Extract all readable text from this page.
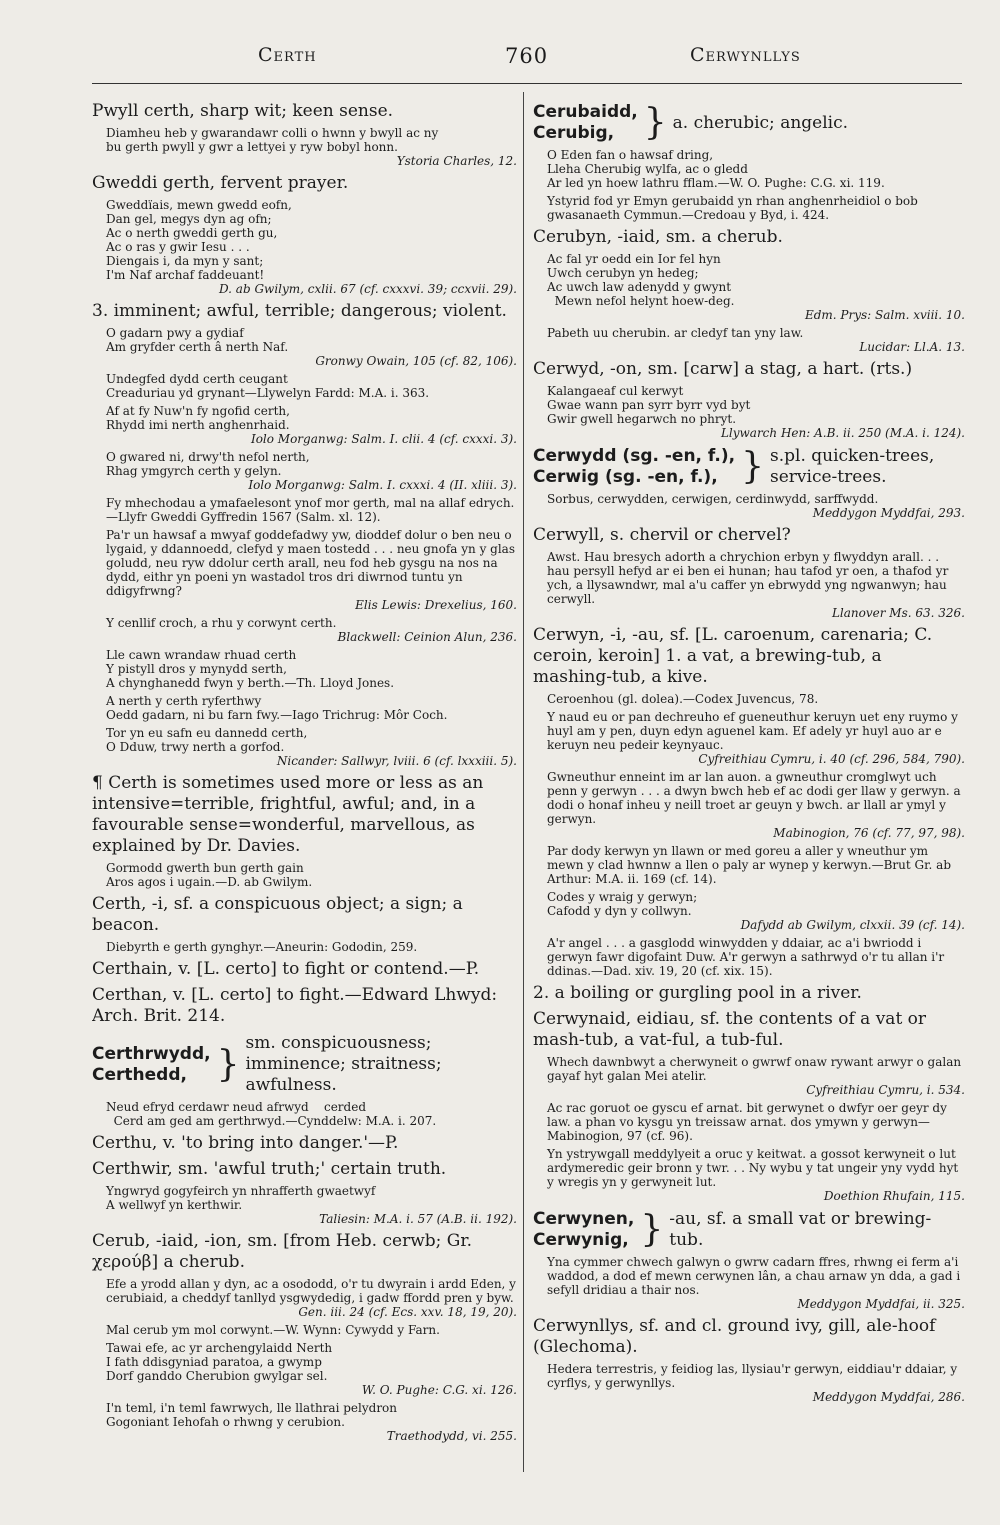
Certh	760	Cerwynllys
Pwyll certh, sharp wit; keen sense.
Diamheu heb y gwarandawr colli o hwnn y bwyll ac ny
bu gerth pwyll y gwr a lettyei y ryw bobyl honn.
Ystoria Charles, 12.
Gweddi gerth, fervent prayer.
Gweddïais, mewn gwedd eofn,
Dan gel, megys dyn ag ofn;
Ac o nerth gweddi gerth gu,
Ac o ras y gwir Iesu . . .
Diengais i, da myn y sant;
I'm Naf archaf faddeuant!
D. ab Gwilym, cxlii. 67 (cf. cxxxvi. 39; ccxvii. 29).
3. imminent; awful, terrible; dangerous; violent.
O gadarn pwy a gydiaf
Am gryfder certh â nerth Naf.
Gronwy Owain, 105 (cf. 82, 106).
Undegfed dydd certh ceugant
Creaduriau yd grynant—Llywelyn Fardd: M.A. i. 363.
Af at fy Nuw'n fy ngofid certh,
Rhydd imi nerth anghenrhaid.
Iolo Morganwg: Salm. I. clii. 4 (cf. cxxxi. 3).
O gwared ni, drwy'th nefol nerth,
Rhag ymgyrch certh y gelyn.
Iolo Morganwg: Salm. I. cxxxi. 4 (II. xliii. 3).
Fy mhechodau a ymafaelesont ynof mor gerth, mal na allaf edrych.—Llyfr Gweddi Gyffredin 1567 (Salm. xl. 12).
Pa'r un hawsaf a mwyaf goddefadwy yw, dioddef dolur o ben neu o lygaid, y ddannoedd, clefyd y maen tostedd . . . neu gnofa yn y glas goludd, neu ryw ddolur certh arall, neu fod heb gysgu na nos na dydd, eithr yn poeni yn wastadol tros dri diwrnod tuntu yn ddigyfrwng?
Elis Lewis: Drexelius, 160.
Y cenllif croch, a rhu y corwynt certh.
Blackwell: Ceinion Alun, 236.
Lle cawn wrandaw rhuad certh
Y pistyll dros y mynydd serth,
A chynghanedd fwyn y berth.—Th. Lloyd Jones.
A nerth y certh ryferthwy
Oedd gadarn, ni bu farn fwy.—Iago Trichrug: Môr Coch.
Tor yn eu safn eu dannedd certh,
O Dduw, trwy nerth a gorfod.
Nicander: Sallwyr, lviii. 6 (cf. lxxxiii. 5).
¶ Certh is sometimes used more or less as an intensive=terrible, frightful, awful; and, in a favourable sense=wonderful, marvellous, as explained by Dr. Davies.
Gormodd gwerth bun gerth gain
Aros agos i ugain.—D. ab Gwilym.
Certh, -i, sf. a conspicuous object; a sign; a beacon.
Diebyrth e gerth gynghyr.—Aneurin: Gododin, 259.
Certhain, v. [L. certo] to fight or contend.—P.
Certhan, v. [L. certo] to fight.—Edward Lhwyd: Arch. Brit. 214.
Certhrwydd,
Certhedd, }
sm. conspicuousness; imminence; straitness; awfulness.
Neud efryd cerdawr neud afrwyd    cerded
Cerd am ged am gerthrwyd.—Cynddelw: M.A. i. 207.
Certhu, v. 'to bring into danger.'—P.
Certhwir, sm. 'awful truth;' certain truth.
Yngwryd gogyfeirch yn nhrafferth gwaetwyf
A wellwyf yn kerthwir.
Taliesin: M.A. i. 57 (A.B. ii. 192).
Cerub, -iaid, -ion, sm. [from Heb. cerwb; Gr. χερούβ] a cherub.
Efe a yrodd allan y dyn, ac a osododd, o'r tu dwyrain i ardd Eden, y cerubiaid, a cheddyf tanllyd ysgwydedig, i gadw ffordd pren y byw.
Gen. iii. 24 (cf. Ecs. xxv. 18, 19, 20).
Mal cerub ym mol corwynt.—W. Wynn: Cywydd y Farn.
Tawai efe, ac yr archengylaidd Nerth
I fath ddisgyniad paratoa, a gwymp
Dorf ganddo Cherubion gwylgar sel.
W. O. Pughe: C.G. xi. 126.
I'n teml, i'n teml fawrwych, lle llathrai pelydron
Gogoniant Iehofah o rhwng y cerubion.
Traethodydd, vi. 255.
Cerubaidd,
Cerubig, } a. cherubic; angelic.
O Eden fan o hawsaf dring,
Lleha Cherubig wylfa, ac o gledd
Ar led yn hoew lathru fflam.—W. O. Pughe: C.G. xi. 119.
Ystyrid fod yr Emyn gerubaidd yn rhan anghenrheidiol o bob gwasanaeth Cymmun.—Credoau y Byd, i. 424.
Cerubyn, -iaid, sm. a cherub.
Ac fal yr oedd ein Ior fel hyn
Uwch cerubyn yn hedeg;
Ac uwch law adenydd y gwynt
Mewn nefol helynt hoew-deg.
Edm. Prys: Salm. xviii. 10.
Pabeth uu cherubin. ar cledyf tan yny law.
Lucidar: Ll.A. 13.
Cerwyd, -on, sm. [carw] a stag, a hart. (rts.)
Kalangaeaf cul kerwyt
Gwae wann pan syrr byrr vyd byt
Gwir gwell hegarwch no phryt.
Llywarch Hen: A.B. ii. 250 (M.A. i. 124).
Cerwydd (sg. -en, f.),
Cerwig (sg. -en, f.), } s.pl. quicken-trees, service-trees.
Sorbus, cerwydden, cerwigen, cerdinwydd, sarffwydd.
Meddygon Myddfai, 293.
Cerwyll, s. chervil or chervel?
Awst. Hau bresych adorth a chrychion erbyn y flwyddyn arall. . . hau persyll hefyd ar ei ben ei hunan; hau tafod yr oen, a thafod yr ych, a llysawndwr, mal a'u caffer yn ebrwydd yng ngwanwyn; hau cerwyll.
Llanover Ms. 63. 326.
Cerwyn, -i, -au, sf. [L. caroenum, carenaria; C. ceroin, keroin] 1. a vat, a brewing-tub, a mashing-tub, a kive.
Ceroenhou (gl. dolea).—Codex Juvencus, 78.
Y naud eu or pan dechreuho ef gueneuthur keruyn uet eny ruymo y huyl am y pen, duyn edyn aguenel kam. Ef adely yr huyl auo ar e keruyn neu pedeir keynyauc.
Cyfreithiau Cymru, i. 40 (cf. 296, 584, 790).
Gwneuthur enneint im ar lan auon. a gwneuthur cromglwyt uch penn y gerwyn . . . a dwyn bwch heb ef ac dodi ger llaw y gerwyn. a dodi o honaf inheu y neill troet ar geuyn y bwch. ar llall ar ymyl y gerwyn.
Mabinogion, 76 (cf. 77, 97, 98).
Par dody kerwyn yn llawn or med goreu a aller y wneuthur ym mewn y clad hwnnw a llen o paly ar wynep y kerwyn.—Brut Gr. ab Arthur: M.A. ii. 169 (cf. 14).
Codes y wraig y gerwyn;
Cafodd y dyn y collwyn.
Dafydd ab Gwilym, clxxii. 39 (cf. 14).
A'r angel . . . a gasglodd winwydden y ddaiar, ac a'i bwriodd i gerwyn fawr digofaint Duw. A'r gerwyn a sathrwyd o'r tu allan i'r ddinas.—Dad. xiv. 19, 20 (cf. xix. 15).
2. a boiling or gurgling pool in a river.
Cerwynaid, eidiau, sf. the contents of a vat or mash-tub, a vat-ful, a tub-ful.
Whech dawnbwyt a cherwyneit o gwrwf onaw rywant arwyr o galan gayaf hyt galan Mei atelir.
Cyfreithiau Cymru, i. 534.
Ac rac goruot oe gyscu ef arnat. bit gerwynet o dwfyr oer geyr dy law. a phan vo kysgu yn treissaw arnat. dos ymywn y gerwyn—Mabinogion, 97 (cf. 96).
Yn ystrywgall meddylyeit a oruc y keitwat. a gossot kerwyneit o lut ardymeredic geir bronn y twr. . . Ny wybu y tat ungeir yny vydd hyt y wregis yn y gerwyneit lut.
Doethion Rhufain, 115.
Cerwynen,
Cerwynig, } -au, sf. a small vat or brewing-tub.
Yna cymmer chwech galwyn o gwrw cadarn ffres, rhwng ei ferm a'i waddod, a dod ef mewn cerwynen lân, a chau arnaw yn dda, a gad i sefyll dridiau a thair nos.
Meddygon Myddfai, ii. 325.
Cerwynllys, sf. and cl. ground ivy, gill, ale-hoof (Glechoma).
Hedera terrestris, y feidiog las, llysiau'r gerwyn, eiddiau'r ddaiar, y cyrflys, y gerwynllys.
Meddygon Myddfai, 286.
